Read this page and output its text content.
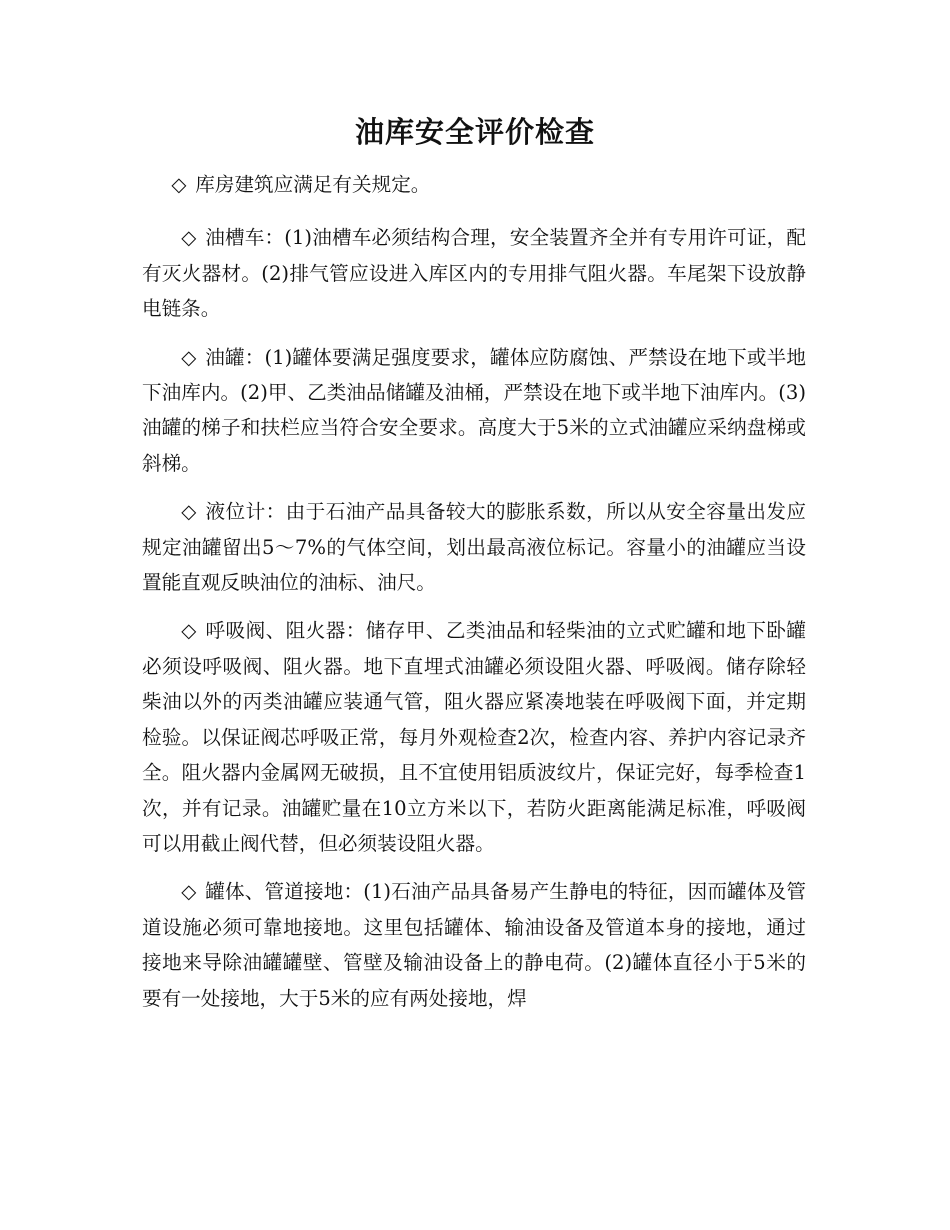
油库安全评价检查

◇ 库房建筑应满足有关规定。

◇ 油槽车：(1)油槽车必须结构合理，安全装置齐全并有专用许可证，配有灭火器材。(2)排气管应设进入库区内的专用排气阻火器。车尾架下设放静电链条。

◇ 油罐：(1)罐体要满足强度要求，罐体应防腐蚀、严禁设在地下或半地下油库内。(2)甲、乙类油品储罐及油桶，严禁设在地下或半地下油库内。(3)油罐的梯子和扶栏应当符合安全要求。高度大于5米的立式油罐应采纳盘梯或斜梯。

◇ 液位计：由于石油产品具备较大的膨胀系数，所以从安全容量出发应规定油罐留出5～7%的气体空间，划出最高液位标记。容量小的油罐应当设置能直观反映油位的油标、油尺。

◇ 呼吸阀、阻火器：储存甲、乙类油品和轻柴油的立式贮罐和地下卧罐必须设呼吸阀、阻火器。地下直埋式油罐必须设阻火器、呼吸阀。储存除轻柴油以外的丙类油罐应装通气管，阻火器应紧凑地装在呼吸阀下面，并定期检验。以保证阀芯呼吸正常，每月外观检查2次，检查内容、养护内容记录齐全。阻火器内金属网无破损，且不宜使用铝质波纹片，保证完好，每季检查1次，并有记录。油罐贮量在10立方米以下，若防火距离能满足标准，呼吸阀可以用截止阀代替，但必须装设阻火器。

◇ 罐体、管道接地：(1)石油产品具备易产生静电的特征，因而罐体及管道设施必须可靠地接地。这里包括罐体、输油设备及管道本身的接地，通过接地来导除油罐罐壁、管壁及输油设备上的静电荷。(2)罐体直径小于5米的要有一处接地，大于5米的应有两处接地，焊
